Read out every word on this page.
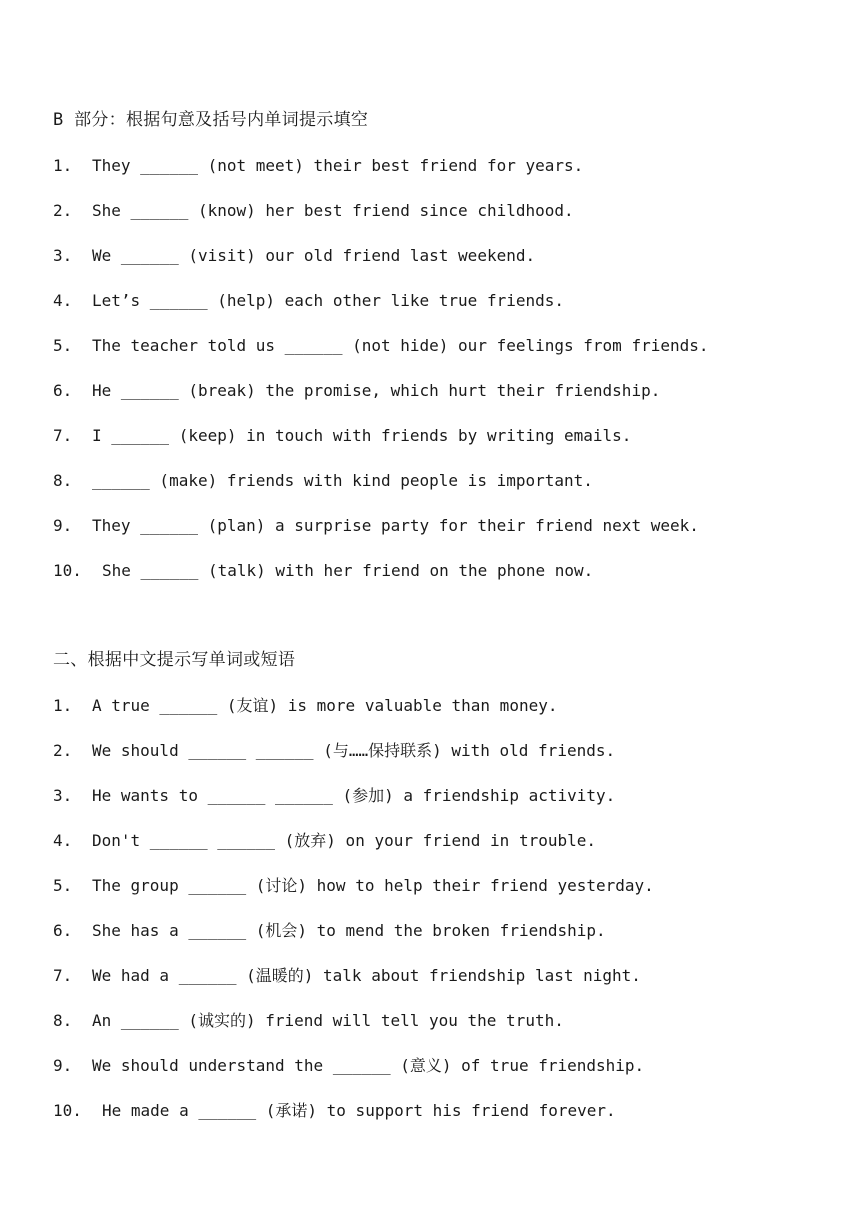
B 部分：根据句意及括号内单词提示填空
1. They ______ (not meet) their best friend for years.
2. She ______ (know) her best friend since childhood.
3. We ______ (visit) our old friend last weekend.
4. Let’s ______ (help) each other like true friends.
5. The teacher told us ______ (not hide) our feelings from friends.
6. He ______ (break) the promise, which hurt their friendship.
7. I ______ (keep) in touch with friends by writing emails.
8. ______ (make) friends with kind people is important.
9. They ______ (plan) a surprise party for their friend next week.
10. She ______ (talk) with her friend on the phone now.
二、根据中文提示写单词或短语
1. A true ______ (友谊) is more valuable than money.
2. We should ______ ______ (与……保持联系) with old friends.
3. He wants to ______ ______ (参加) a friendship activity.
4. Don't ______ ______ (放弃) on your friend in trouble.
5. The group ______ (讨论) how to help their friend yesterday.
6. She has a ______ (机会) to mend the broken friendship.
7. We had a ______ (温暖的) talk about friendship last night.
8. An ______ (诚实的) friend will tell you the truth.
9. We should understand the ______ (意义) of true friendship.
10. He made a ______ (承诺) to support his friend forever.
